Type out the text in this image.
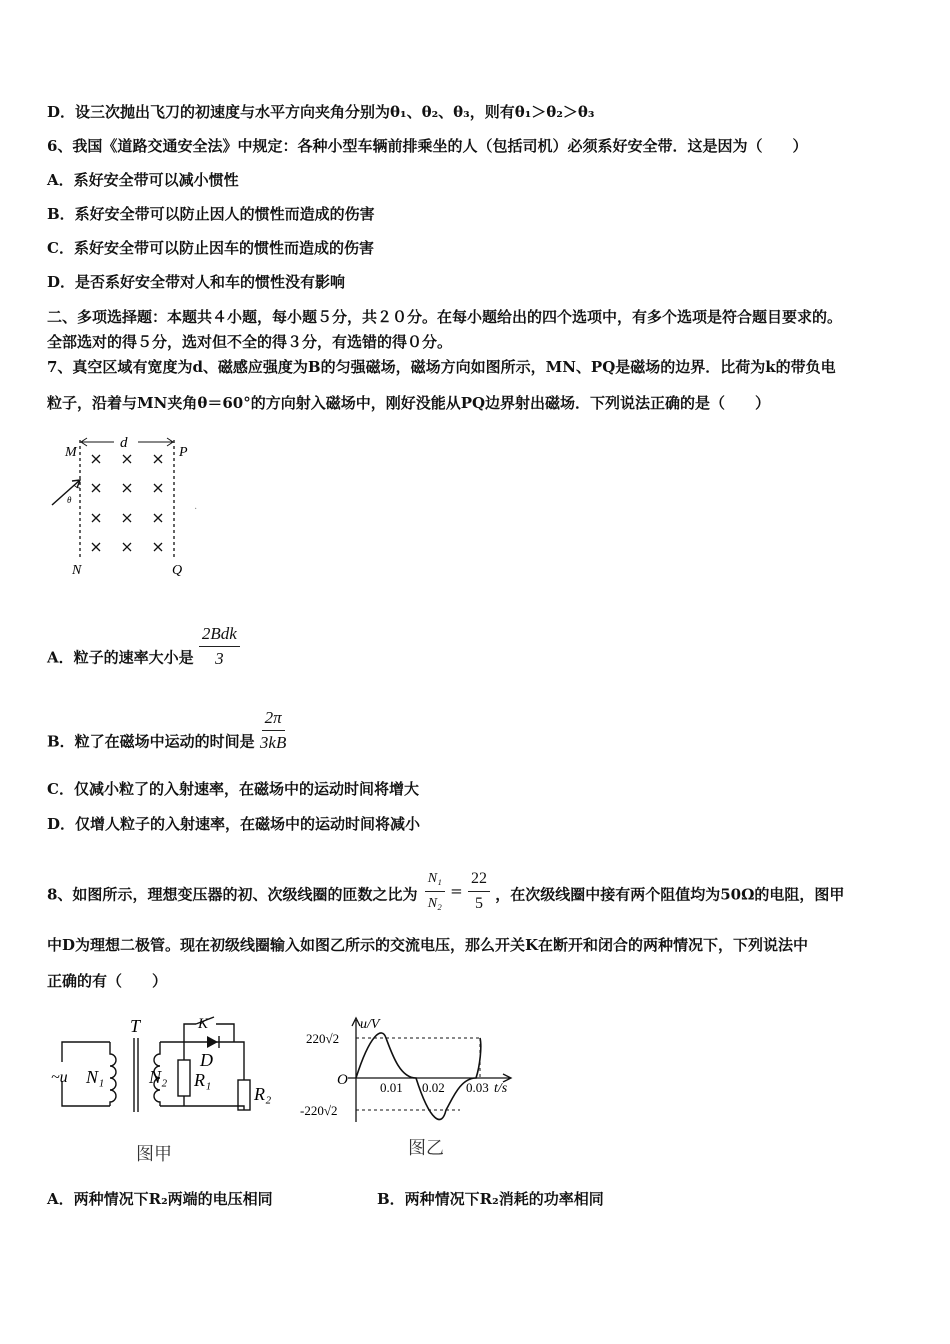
D．设三次抛出飞刀的初速度与水平方向夹角分别为θ₁、θ₂、θ₃，则有θ₁＞θ₂＞θ₃
6、我国《道路交通安全法》中规定：各种小型车辆前排乘坐的人（包括司机）必须系好安全带．这是因为（　　）
A．系好安全带可以减小惯性
B．系好安全带可以防止因人的惯性而造成的伤害
C．系好安全带可以防止因车的惯性而造成的伤害
D．是否系好安全带对人和车的惯性没有影响
二、多项选择题：本题共４小题，每小题５分，共２０分。在每小题给出的四个选项中，有多个选项是符合题目要求的。
全部选对的得５分，选对但不全的得３分，有选错的得０分。
7、真空区域有宽度为d、磁感应强度为B的匀强磁场，磁场方向如图所示，MN、PQ是磁场的边界．比荷为k的带负电
粒子，沿着与MN夹角θ＝60°的方向射入磁场中，刚好没能从PQ边界射出磁场．下列说法正确的是（　　）
d
M	P
N	Q
θ
·
A．粒子的速率大小是 $\frac{\text{2Bdk}}{3}$
B．粒了在磁场中运动的时间是 $\frac{2\pi}{3kB}$
C．仅减小粒了的入射速率，在磁场中的运动时间将增大
D．仅增人粒子的入射速率，在磁场中的运动时间将减小
8、如图所示，理想变压器的初、次级线圈的匝数之比为 $\frac{\text{N₁}}{\text{N₂}} = \frac{22}{5}$ ，在次级线圈中接有两个阻值均为50Ω的电阻，图甲
中D为理想二极管。现在初级线圈输入如图乙所示的交流电压，那么开关K在断开和闭合的两种情况下，下列说法中
正确的有（　　）
~u
T	K
D
N₁ N₂ R₁
R₂
图甲
u/V
t/s
O
220√2
-220√2
0.01 0.02 0.03
图乙
A．两种情况下R₂两端的电压相同	B．两种情况下R₂消耗的功率相同
